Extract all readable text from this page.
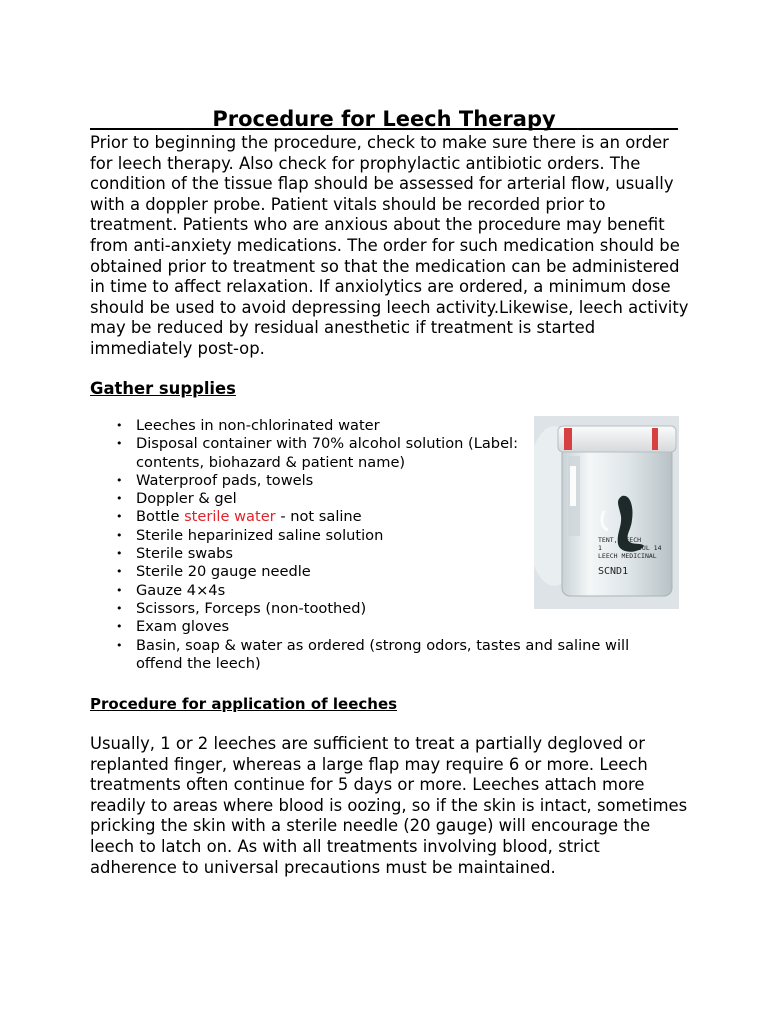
Procedure for Leech Therapy

Prior to beginning the procedure, check to make sure there is an order for leech therapy. Also check for prophylactic antibiotic orders. The condition of the tissue flap should be assessed for arterial flow, usually with a doppler probe. Patient vitals should be recorded prior to treatment. Patients who are anxious about the procedure may benefit from anti-anxiety medications. The order for such medication should be obtained prior to treatment so that the medication can be administered in time to affect relaxation. If anxiolytics are ordered, a minimum dose should be used to avoid depressing leech activity.Likewise, leech activity may be reduced by residual anesthetic if treatment is started immediately post-op.

Gather supplies
• Leeches in non-chlorinated water
• Disposal container with 70% alcohol solution (Label: contents, biohazard & patient name)
• Waterproof pads, towels
• Doppler & gel
• Bottle sterile water - not saline
• Sterile heparinized saline solution
• Sterile swabs
• Sterile 20 gauge needle
• Gauze 4×4s
• Scissors, Forceps (non-toothed)
• Exam gloves
• Basin, soap & water as ordered (strong odors, tastes and saline will offend the leech)
TENT, LEECH
1	JUL 14
LEECH MEDICINAL
SCND1
Procedure for application of leeches

Usually, 1 or 2 leeches are sufficient to treat a partially degloved or replanted finger, whereas a large flap may require 6 or more. Leech treatments often continue for 5 days or more. Leeches attach more readily to areas where blood is oozing, so if the skin is intact, sometimes pricking the skin with a sterile needle (20 gauge) will encourage the leech to latch on. As with all treatments involving blood, strict adherence to universal precautions must be maintained.
